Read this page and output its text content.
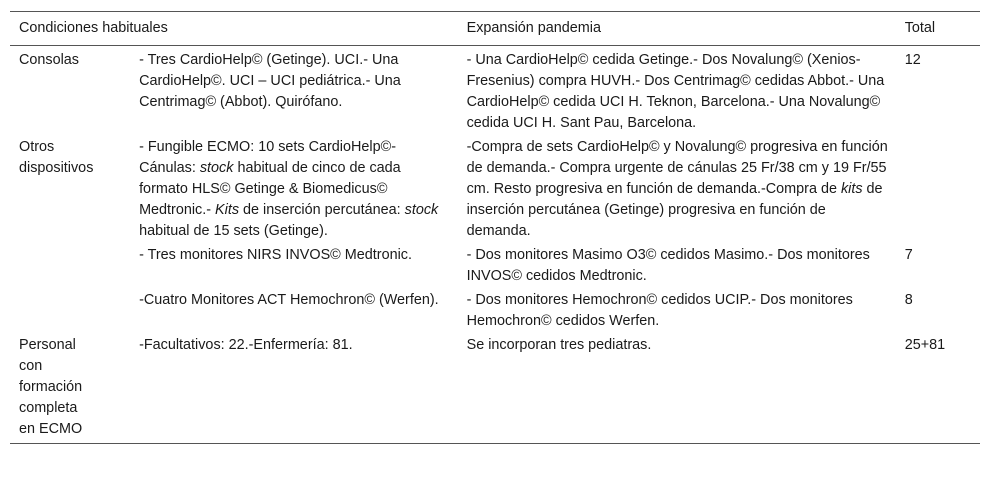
Condiciones habituales		Expansión pandemia	Total
Consolas	- Tres CardioHelp© (Getinge). UCI.- Una CardioHelp©. UCI – UCI pediátrica.- Una Centrimag© (Abbot). Quirófano.	- Una CardioHelp© cedida Getinge.- Dos Novalung© (Xenios-Fresenius) compra HUVH.- Dos Centrimag© cedidas Abbot.- Una CardioHelp© cedida UCI H. Teknon, Barcelona.- Una Novalung© cedida UCI H. Sant Pau, Barcelona.	12

Otros
dispositivos	- Fungible ECMO: 10 sets CardioHelp©- Cánulas: stock habitual de cinco de cada formato HLS© Getinge & Biomedicus© Medtronic.- Kits de inserción percutánea: stock habitual de 15 sets (Getinge).	-Compra de sets CardioHelp© y Novalung© progresiva en función de demanda.- Compra urgente de cánulas 25 Fr/38 cm y 19 Fr/55 cm. Resto progresiva en función de demanda.-Compra de kits de inserción percutánea (Getinge) progresiva en función de demanda.	
	- Tres monitores NIRS INVOS© Medtronic.	- Dos monitores Masimo O3© cedidos Masimo.- Dos monitores INVOS© cedidos Medtronic.	7
	-Cuatro Monitores ACT Hemochron© (Werfen).	- Dos monitores Hemochron© cedidos UCIP.- Dos monitores Hemochron© cedidos Werfen.	8

Personal
con
formación
completa
en ECMO	-Facultativos: 22.-Enfermería: 81.	Se incorporan tres pediatras.	25+81
